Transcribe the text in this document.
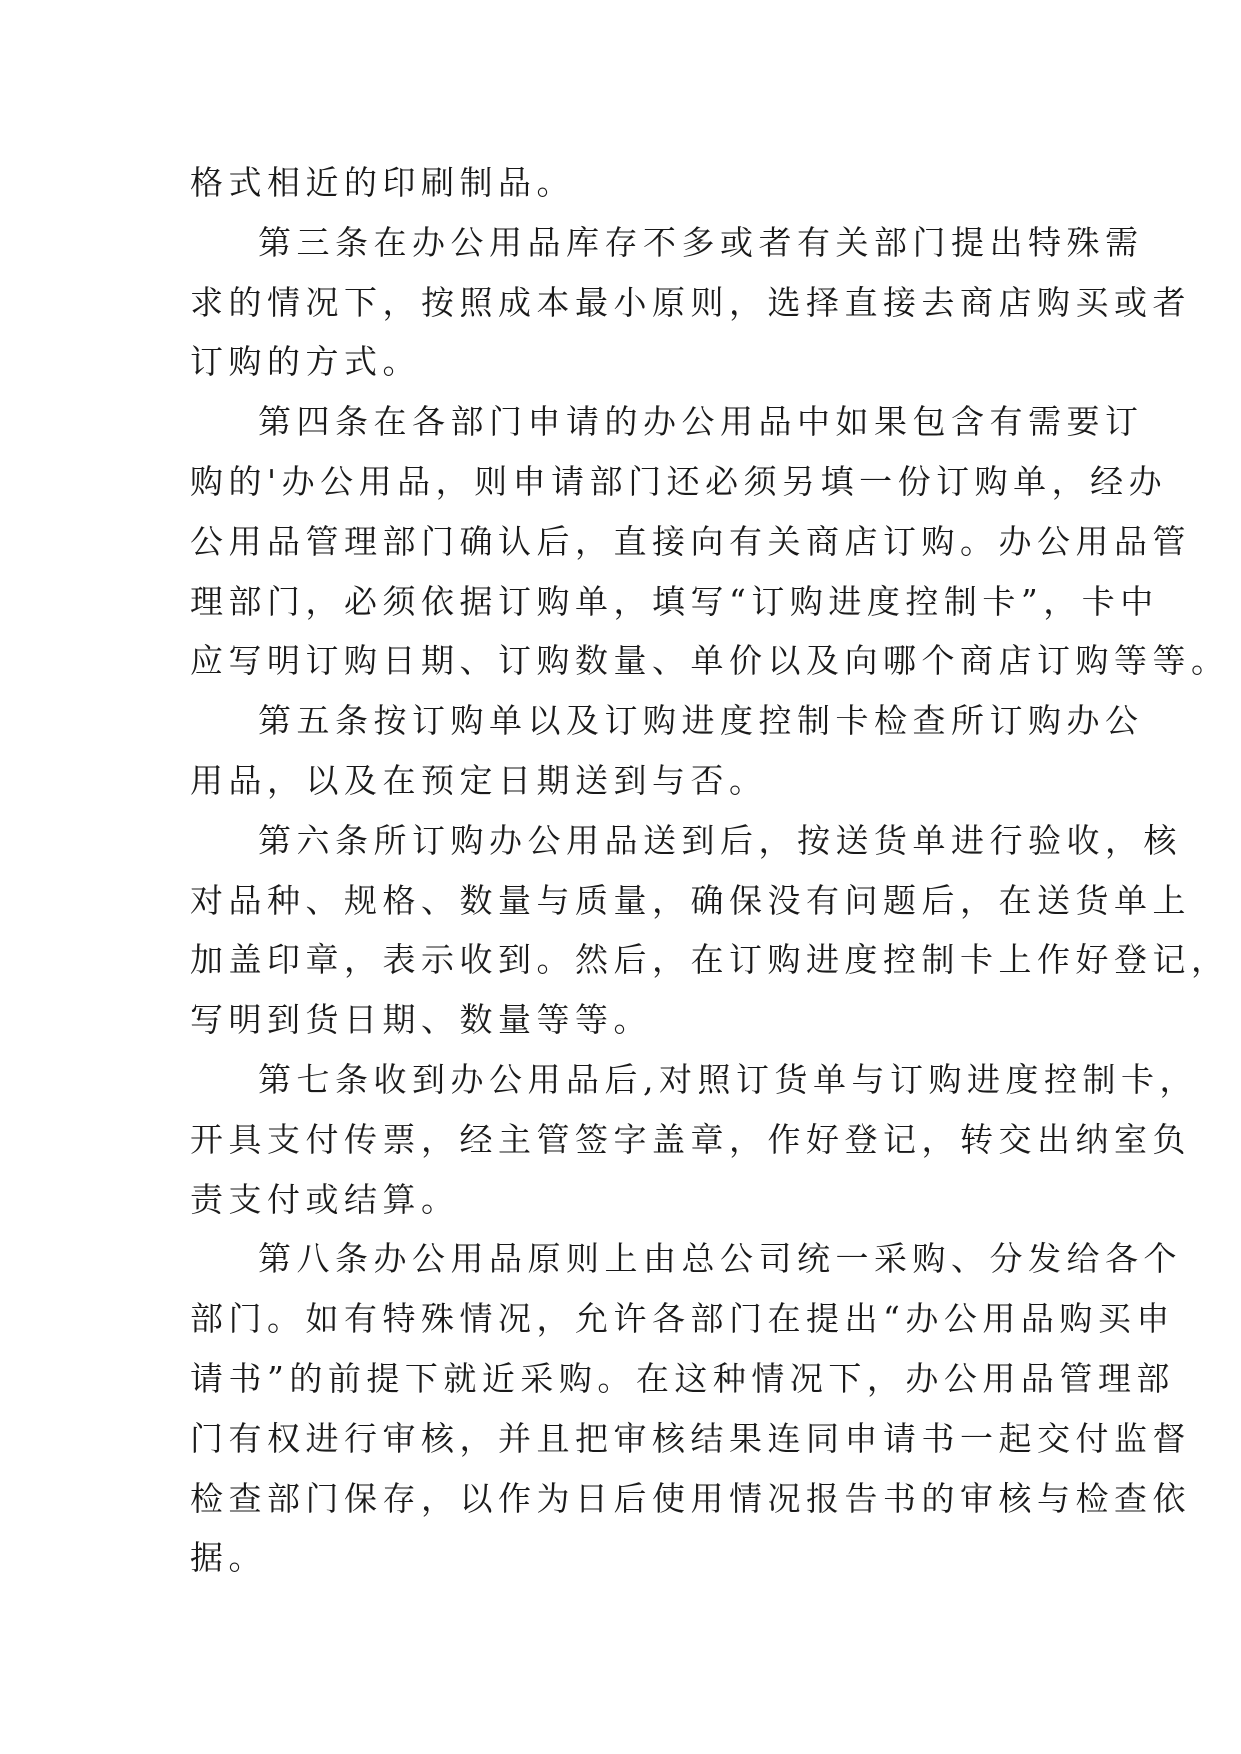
格式相近的印刷制品。

第三条在办公用品库存不多或者有关部门提出特殊需
求的情况下，按照成本最小原则，选择直接去商店购买或者
订购的方式。

第四条在各部门申请的办公用品中如果包含有需要订
购的'办公用品，则申请部门还必须另填一份订购单，经办
公用品管理部门确认后，直接向有关商店订购。办公用品管
理部门，必须依据订购单，填写“订购进度控制卡”，卡中
应写明订购日期、订购数量、单价以及向哪个商店订购等等。

第五条按订购单以及订购进度控制卡检查所订购办公
用品，以及在预定日期送到与否。

第六条所订购办公用品送到后，按送货单进行验收，核
对品种、规格、数量与质量，确保没有问题后，在送货单上
加盖印章，表示收到。然后，在订购进度控制卡上作好登记，
写明到货日期、数量等等。

第七条收到办公用品后,对照订货单与订购进度控制卡，
开具支付传票，经主管签字盖章，作好登记，转交出纳室负
责支付或结算。

第八条办公用品原则上由总公司统一采购、分发给各个
部门。如有特殊情况，允许各部门在提出“办公用品购买申
请书”的前提下就近采购。在这种情况下，办公用品管理部
门有权进行审核，并且把审核结果连同申请书一起交付监督
检查部门保存，以作为日后使用情况报告书的审核与检查依
据。
